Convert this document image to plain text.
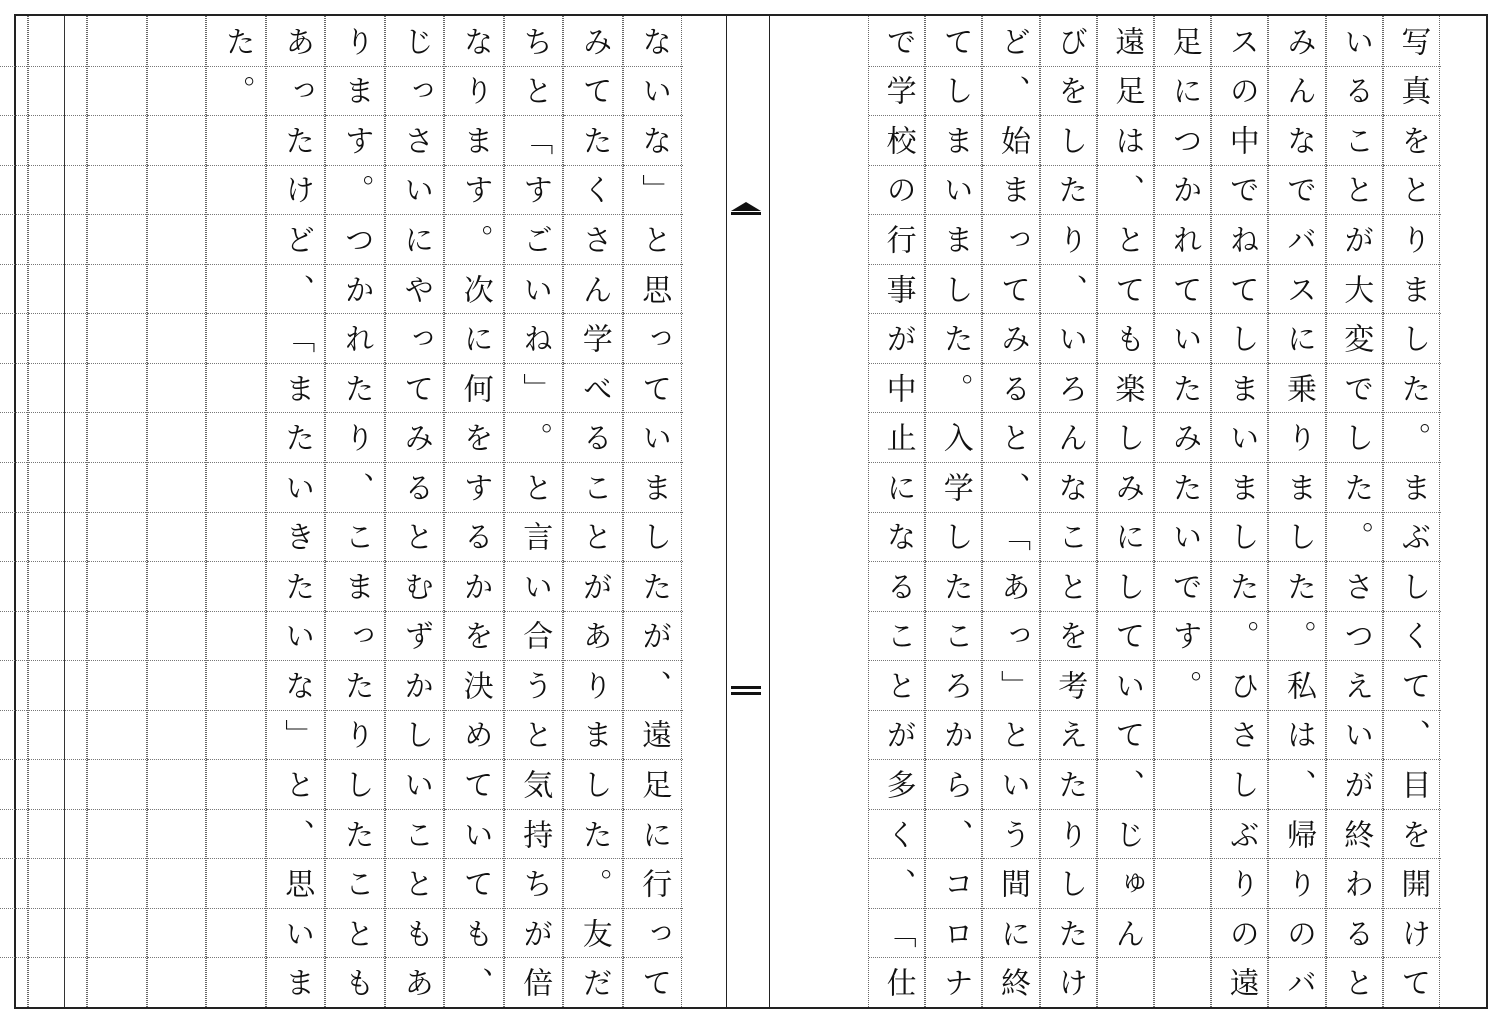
写
真
を
と
り
ま
し
た
。
ま
ぶ
し
く
て
、
目
を
開
け
て
い
る
こ
と
が
大
変
で
し
た
。
さ
つ
え
い
が
終
わ
る
と
み
ん
な
で
バ
ス
に
乗
り
ま
し
た
。
私
は
、
帰
り
の
バ
ス
の
中
で
ね
て
し
ま
い
ま
し
た
。
ひ
さ
し
ぶ
り
の
遠
足
に
つ
か
れ
て
い
た
み
た
い
で
す
。
遠
足
は
、
と
て
も
楽
し
み
に
し
て
い
て
、
じ
ゅ
ん
び
を
し
た
り
、
い
ろ
ん
な
こ
と
を
考
え
た
り
し
た
け
ど
、
始
ま
っ
て
み
る
と
、
「
あ
っ
」
と
い
う
間
に
終
て
し
ま
い
ま
し
た
。
入
学
し
た
こ
ろ
か
ら
、
コ
ロ
ナ
で
学
校
の
行
事
が
中
止
に
な
る
こ
と
が
多
く
、
「
仕
な
い
な
」
と
思
っ
て
い
ま
し
た
が
、
遠
足
に
行
っ
て
み
て
た
く
さ
ん
学
べ
る
こ
と
が
あ
り
ま
し
た
。
友
だ
ち
と
「
す
ご
い
ね
」
。
と
言
い
合
う
と
気
持
ち
が
倍
な
り
ま
す
。
次
に
何
を
す
る
か
を
決
め
て
い
て
も
、
じ
っ
さ
い
に
や
っ
て
み
る
と
む
ず
か
し
い
こ
と
も
あ
り
ま
す
。
つ
か
れ
た
り
、
こ
ま
っ
た
り
し
た
こ
と
も
あ
っ
た
け
ど
、
「
ま
た
い
き
た
い
な
」
と
、
思
い
ま
た
。
